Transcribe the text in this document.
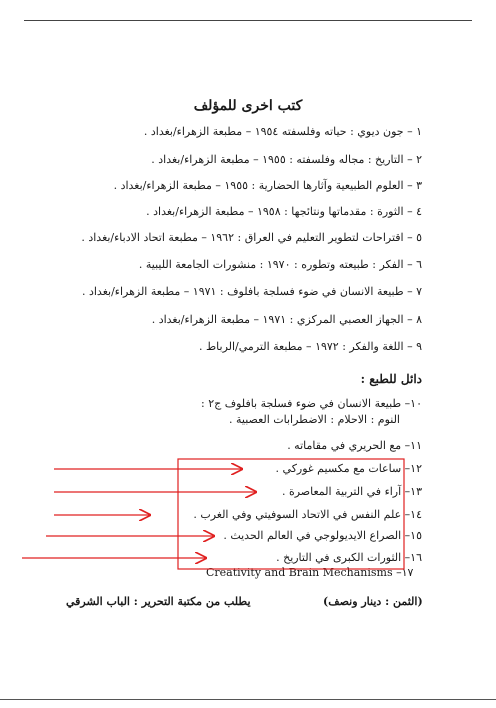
كتب اخرى للمؤلف
١ – جون ديوي : حياته وفلسفته ١٩٥٤ – مطبعة الزهراء/بغداد .
٢ – التاريخ : مجاله وفلسفته : ١٩٥٥ – مطبعة الزهراء/بغداد .
٣ – العلوم الطبيعية وآثارها الحضارية : ١٩٥٥ – مطبعة الزهراء/بغداد .
٤ – الثورة : مقدماتها ونتائجها : ١٩٥٨ – مطبعة الزهراء/بغداد .
٥ – اقتراحات لتطوير التعليم في العراق : ١٩٦٢ – مطبعة اتحاد الادباء/بغداد .
٦ – الفكر : طبيعته وتطوره : ١٩٧٠ : منشورات الجامعة الليبية .
٧ – طبيعة الانسان في ضوء فسلجة بافلوف : ١٩٧١ – مطبعة الزهراء/بغداد .
٨ – الجهاز العصبي المركزي : ١٩٧١ – مطبعة الزهراء/بغداد .
٩ – اللغة والفكر : ١٩٧٢ – مطبعة الترمي/الرباط .
دائل للطبع :
١٠– طبيعة الانسان في ضوء فسلجة بافلوف ج٢ :
النوم : الاحلام : الاضطرابات العصبية .
١١– مع الحريري في مقاماته .
١٢– ساعات مع مكسيم غوركي .
١٣– آراء في التربية المعاصرة .
١٤– علم النفس في الاتحاد السوفيتي وفي الغرب .
١٥– الصراع الايديولوجي في العالم الحديث .
١٦– الثورات الكبرى في التاريخ .
Creativity and Brain Mechanisms –١٧
(الثمن : دينار ونصف)
يطلب من مكتبة التحرير : الباب الشرقي
